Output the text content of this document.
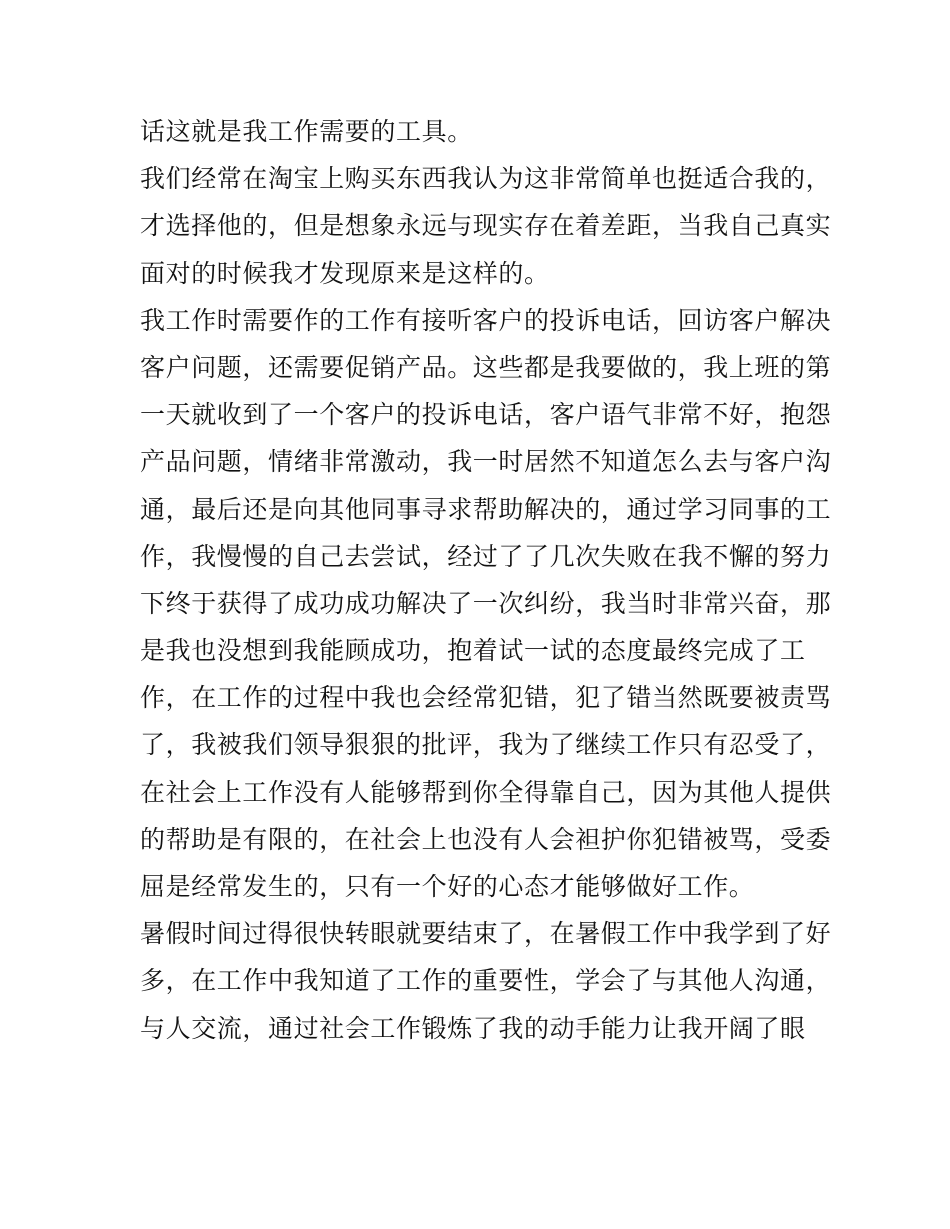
话这就是我工作需要的工具。
我们经常在淘宝上购买东西我认为这非常简单也挺适合我的，
才选择他的，但是想象永远与现实存在着差距，当我自己真实
面对的时候我才发现原来是这样的。
我工作时需要作的工作有接听客户的投诉电话，回访客户解决
客户问题，还需要促销产品。这些都是我要做的，我上班的第
一天就收到了一个客户的投诉电话，客户语气非常不好，抱怨
产品问题，情绪非常激动，我一时居然不知道怎么去与客户沟
通，最后还是向其他同事寻求帮助解决的，通过学习同事的工
作，我慢慢的自己去尝试，经过了了几次失败在我不懈的努力
下终于获得了成功成功解决了一次纠纷，我当时非常兴奋，那
是我也没想到我能顾成功，抱着试一试的态度最终完成了工
作，在工作的过程中我也会经常犯错，犯了错当然既要被责骂
了，我被我们领导狠狠的批评，我为了继续工作只有忍受了，
在社会上工作没有人能够帮到你全得靠自己，因为其他人提供
的帮助是有限的，在社会上也没有人会袒护你犯错被骂，受委
屈是经常发生的，只有一个好的心态才能够做好工作。
暑假时间过得很快转眼就要结束了，在暑假工作中我学到了好
多，在工作中我知道了工作的重要性，学会了与其他人沟通，
与人交流，通过社会工作锻炼了我的动手能力让我开阔了眼
